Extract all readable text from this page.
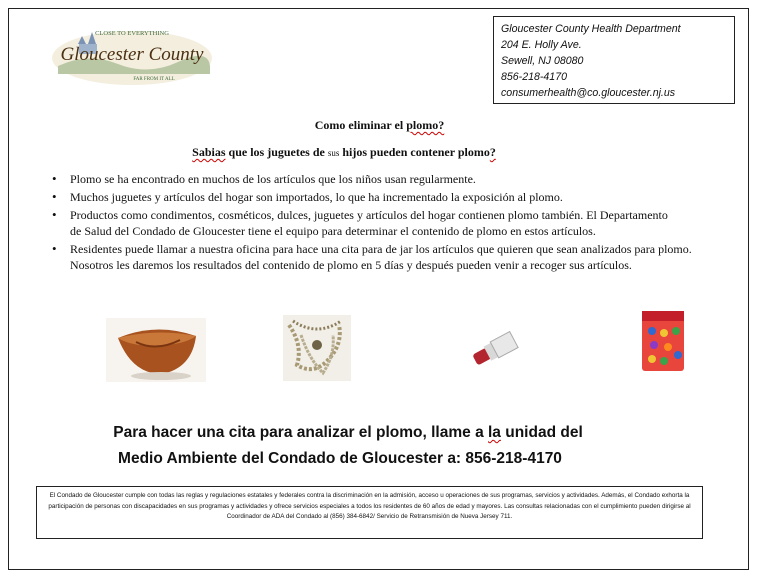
CLOSE TO EVERYTHING
Gloucester County
FAR FROM IT ALL
Gloucester County Health Department
204 E. Holly Ave.
Sewell, NJ 08080
856-218-4170
consumerhealth@co.gloucester.nj.us
Como eliminar el plomo?
Sabias que los juguetes de sus hijos pueden contener plomo?
• Plomo se ha encontrado en muchos de los artículos que los niños usan regularmente.
• Muchos juguetes y artículos del hogar son importados, lo que ha incrementado la exposición al plomo.
• Productos como condimentos, cosméticos, dulces, juguetes y artículos del hogar contienen plomo también. El Departamento
de Salud del Condado de Gloucester tiene el equipo para determinar el contenido de plomo en estos artículos.
• Residentes puede llamar a nuestra oficina para hace una cita para de jar los artículos que quieren que sean analizados para plomo.
Nosotros les daremos los resultados del contenido de plomo en 5 días y después pueden venir a recoger sus artículos.
Para hacer una cita para analizar el plomo, llame a la unidad del
Medio Ambiente del Condado de Gloucester a: 856-218-4170
El Condado de Gloucester cumple con todas las reglas y regulaciones estatales y federales contra la discriminación en la admisión, acceso u operaciones de sus programas, servicios y actividades. Además, el Condado exhorta la participación de personas con discapacidades en sus programas y actividades y ofrece servicios especiales a todos los residentes de 60 años de edad y mayores. Las consultas relacionadas con el cumplimiento pueden dirigirse al Coordinador de ADA del Condado al (856) 384-6842/ Servicio de Retransmisión de Nueva Jersey 711.
